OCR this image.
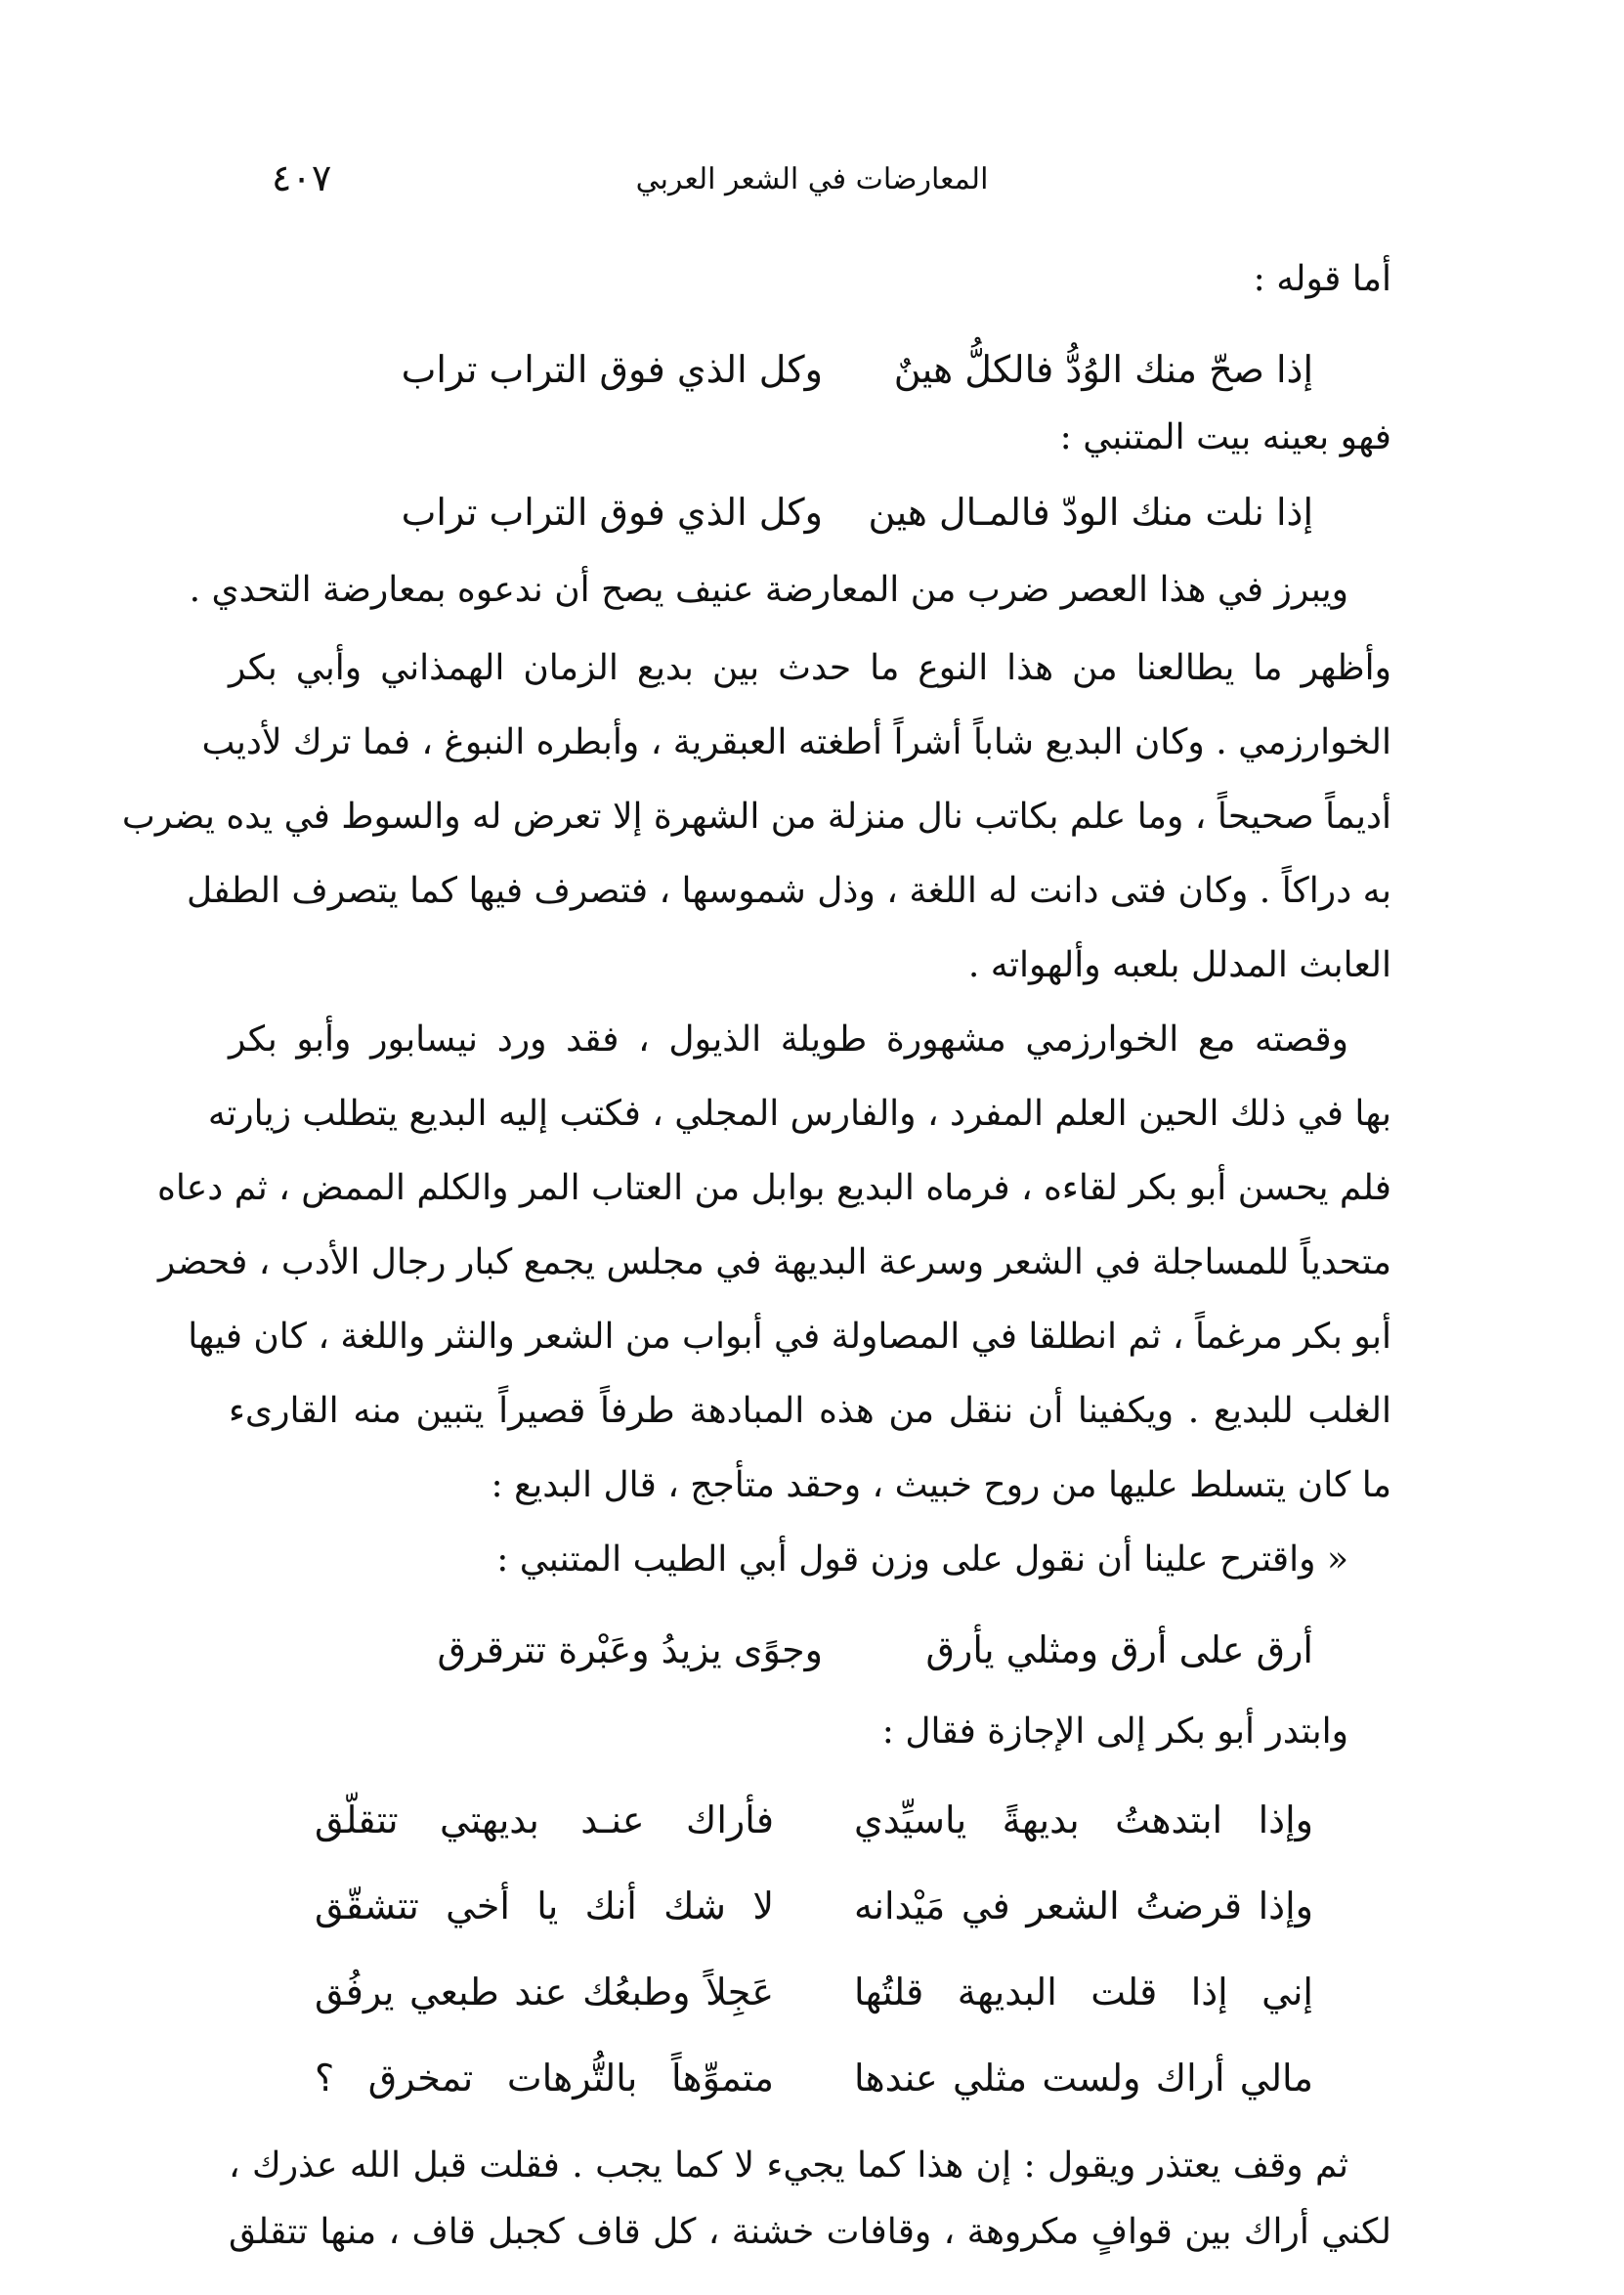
المعارضات في الشعر العربي
٤٠٧
أما قوله :
إذا صحّ منك الوُدُّ فالكلُّ هينٌ
وكل الذي فوق التراب تراب
فهو بعينه بيت المتنبي :
إذا نلت منك الودّ فالمـال هين
وكل الذي فوق التراب تراب
ويبرز في هذا العصر ضرب من المعارضة عنيف يصح أن ندعوه بمعارضة التحدي .
وأظهر ما يطالعنا من هذا النوع ما حدث بين بديع الزمان الهمذاني وأبي بكر
الخوارزمي . وكان البديع شاباً أشراً أطغته العبقرية ، وأبطره النبوغ ، فما ترك لأديب
أديماً صحيحاً ، وما علم بكاتب نال منزلة من الشهرة إلا تعرض له والسوط في يده يضرب
به دراكاً . وكان فتى دانت له اللغة ، وذل شموسها ، فتصرف فيها كما يتصرف الطفل
العابث المدلل بلعبه وألهواته .
وقصته مع الخوارزمي مشهورة طويلة الذيول ، فقد ورد نيسابور وأبو بكر
بها في ذلك الحين العلم المفرد ، والفارس المجلي ، فكتب إليه البديع يتطلب زيارته
فلم يحسن أبو بكر لقاءه ، فرماه البديع بوابل من العتاب المر والكلم الممض ، ثم دعاه
متحدياً للمساجلة في الشعر وسرعة البديهة في مجلس يجمع كبار رجال الأدب ، فحضر
أبو بكر مرغماً ، ثم انطلقا في المصاولة في أبواب من الشعر والنثر واللغة ، كان فيها
الغلب للبديع . ويكفينا أن ننقل من هذه المبادهة طرفاً قصيراً يتبين منه القارىء
ما كان يتسلط عليها من روح خبيث ، وحقد متأجج ، قال البديع :
« واقترح علينا أن نقول على وزن قول أبي الطيب المتنبي :
أرق على أرق ومثلي يأرق
وجوًى يزيدُ وعَبْرة تترقرق
وابتدر أبو بكر إلى الإجازة فقال :
وإذا ابتدهتُ بديهةً ياسيِّدي
فأراك عنـد بديهتي تتقلّق
وإذا قرضتُ الشعر في مَيْدانه
لا شك أنك يا أخي تتشقّق
إني إذا قلت البديهة قلتُها
عَجِلاً وطبعُك عند طبعي يرفُق
مالي أراك ولست مثلي عندها
متموِّهاً بالتُّرهات تمخرق ؟
ثم وقف يعتذر ويقول : إن هذا كما يجيء لا كما يجب . فقلت قبل الله عذرك ،
لكني أراك بين قوافٍ مكروهة ، وقافات خشنة ، كل قاف كجبل قاف ، منها تتقلق
